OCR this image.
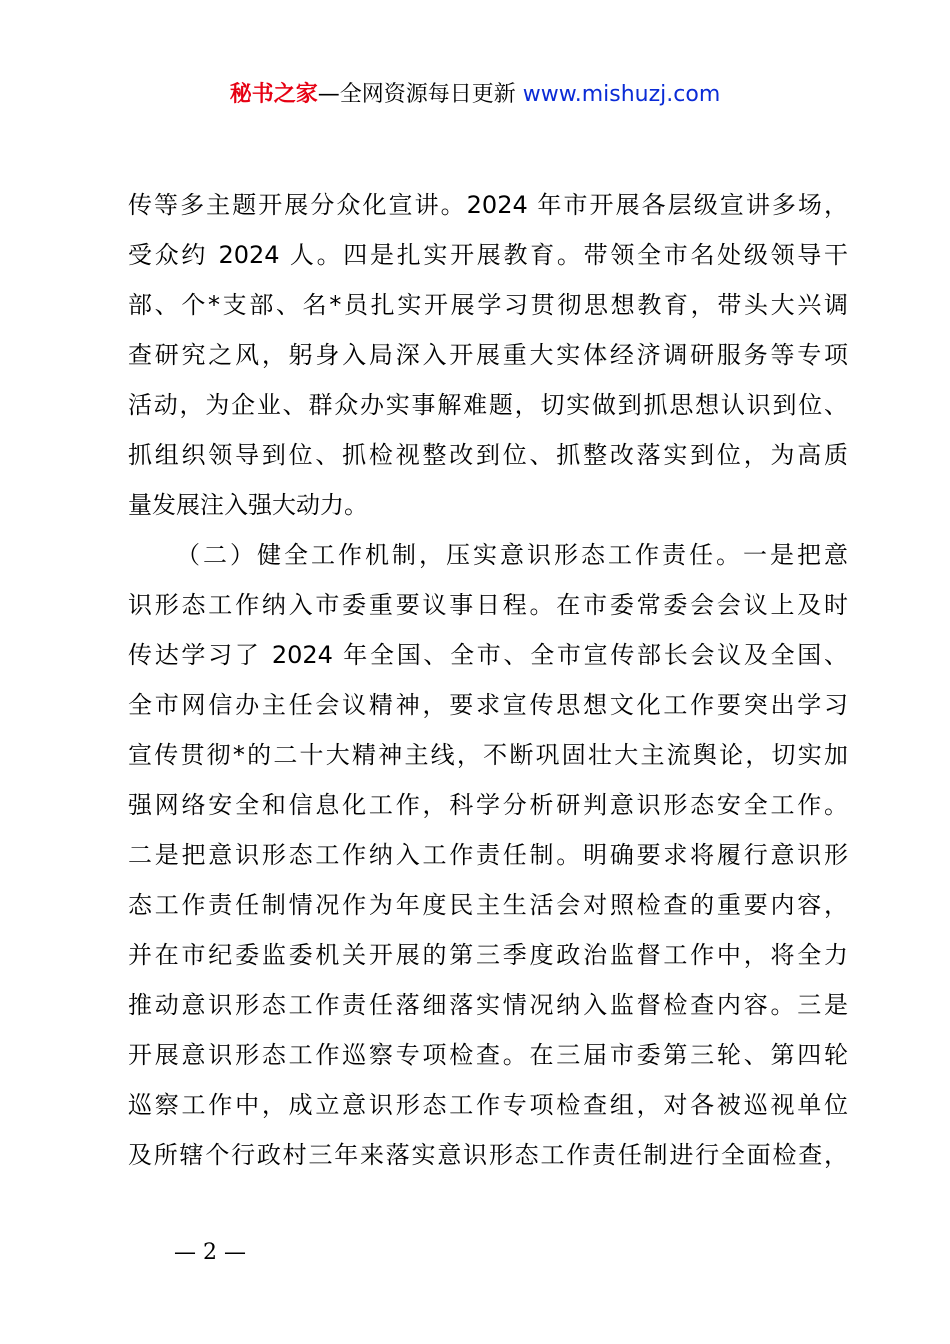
秘书之家—全网资源每日更新 www.mishuzj.com
传等多主题开展分众化宣讲。2024 年市开展各层级宣讲多场，
受众约 2024 人。四是扎实开展教育。带领全市名处级领导干
部、个*支部、名*员扎实开展学习贯彻思想教育，带头大兴调
查研究之风，躬身入局深入开展重大实体经济调研服务等专项
活动，为企业、群众办实事解难题，切实做到抓思想认识到位、
抓组织领导到位、抓检视整改到位、抓整改落实到位，为高质
量发展注入强大动力。
（二）健全工作机制，压实意识形态工作责任。一是把意
识形态工作纳入市委重要议事日程。在市委常委会会议上及时
传达学习了 2024 年全国、全市、全市宣传部长会议及全国、
全市网信办主任会议精神，要求宣传思想文化工作要突出学习
宣传贯彻*的二十大精神主线，不断巩固壮大主流舆论，切实加
强网络安全和信息化工作，科学分析研判意识形态安全工作。
二是把意识形态工作纳入工作责任制。明确要求将履行意识形
态工作责任制情况作为年度民主生活会对照检查的重要内容，
并在市纪委监委机关开展的第三季度政治监督工作中，将全力
推动意识形态工作责任落细落实情况纳入监督检查内容。三是
开展意识形态工作巡察专项检查。在三届市委第三轮、第四轮
巡察工作中，成立意识形态工作专项检查组，对各被巡视单位
及所辖个行政村三年来落实意识形态工作责任制进行全面检查，
— 2 —
